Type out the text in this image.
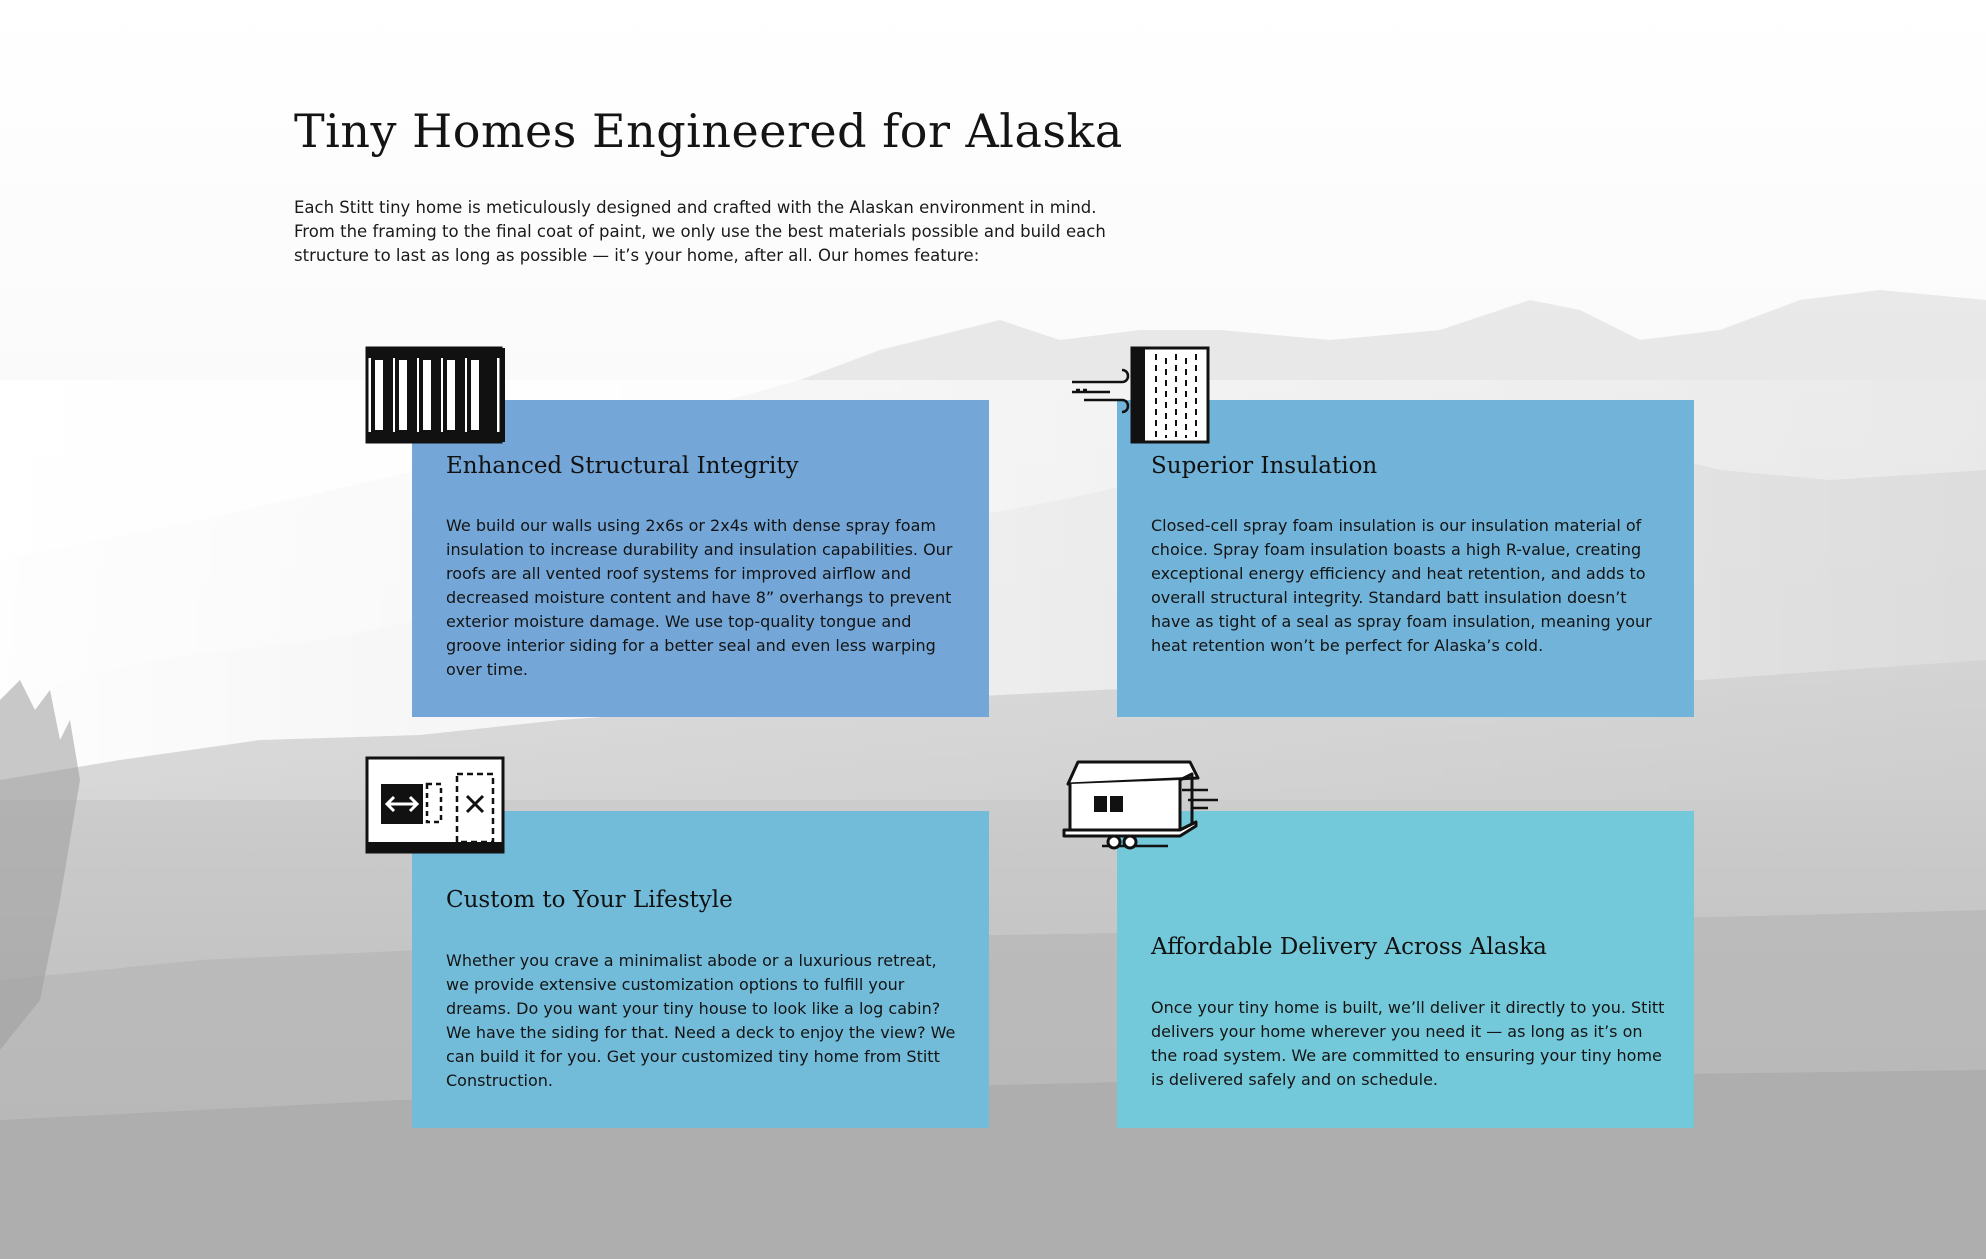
Tiny Homes Engineered for Alaska

Each Stitt tiny home is meticulously designed and crafted with the Alaskan environment in mind. From the framing to the final coat of paint, we only use the best materials possible and build each structure to last as long as possible — it’s your home, after all. Our homes feature:

Enhanced Structural Integrity

We build our walls using 2x6s or 2x4s with dense spray foam insulation to increase durability and insulation capabilities. Our roofs are all vented roof systems for improved airflow and decreased moisture content and have 8” overhangs to prevent exterior moisture damage. We use top-quality tongue and groove interior siding for a better seal and even less warping over time.

Superior Insulation

Closed-cell spray foam insulation is our insulation material of choice. Spray foam insulation boasts a high R-value, creating exceptional energy efficiency and heat retention, and adds to overall structural integrity. Standard batt insulation doesn’t have as tight of a seal as spray foam insulation, meaning your heat retention won’t be perfect for Alaska’s cold.

Custom to Your Lifestyle

Whether you crave a minimalist abode or a luxurious retreat, we provide extensive customization options to fulfill your dreams. Do you want your tiny house to look like a log cabin? We have the siding for that. Need a deck to enjoy the view? We can build it for you. Get your customized tiny home from Stitt Construction.

Affordable Delivery Across Alaska

Once your tiny home is built, we’ll deliver it directly to you. Stitt delivers your home wherever you need it — as long as it’s on the road system. We are committed to ensuring your tiny home is delivered safely and on schedule.
